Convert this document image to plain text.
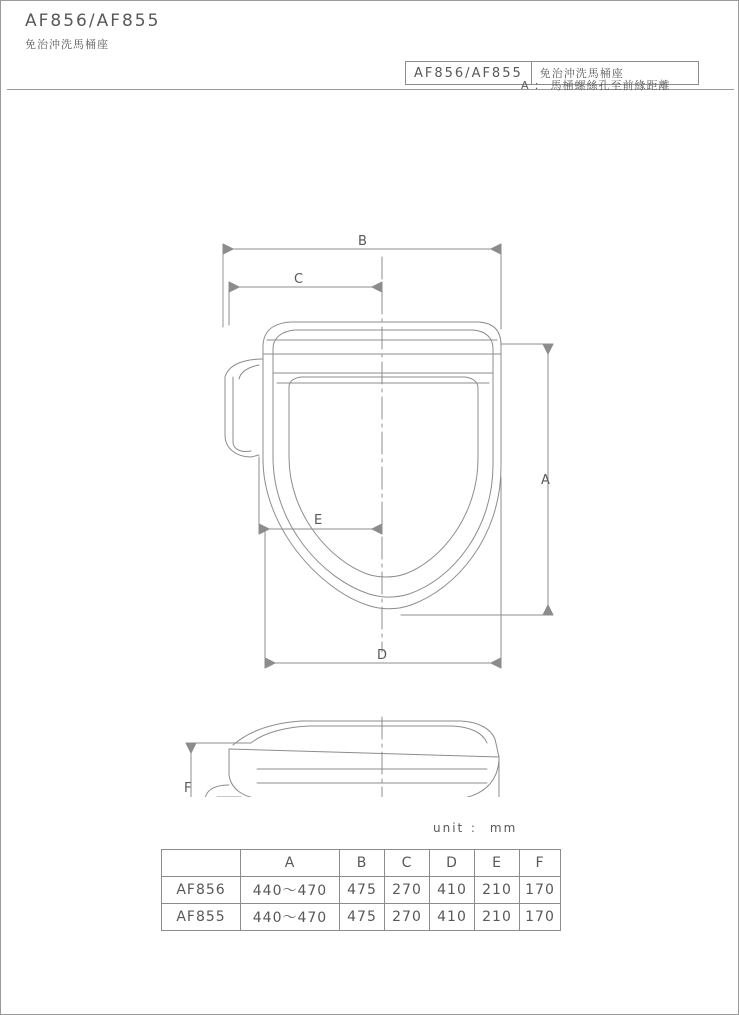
AF856/AF855
免治沖洗馬桶座
AF856/AF855	免治沖洗馬桶座
A ： 馬桶螺絲孔至前緣距離
B
C
A
E
D
F
unit ： mm
	A	B	C	D	E	F
AF856	440～470	475	270	410	210	170
AF855	440～470	475	270	410	210	170
